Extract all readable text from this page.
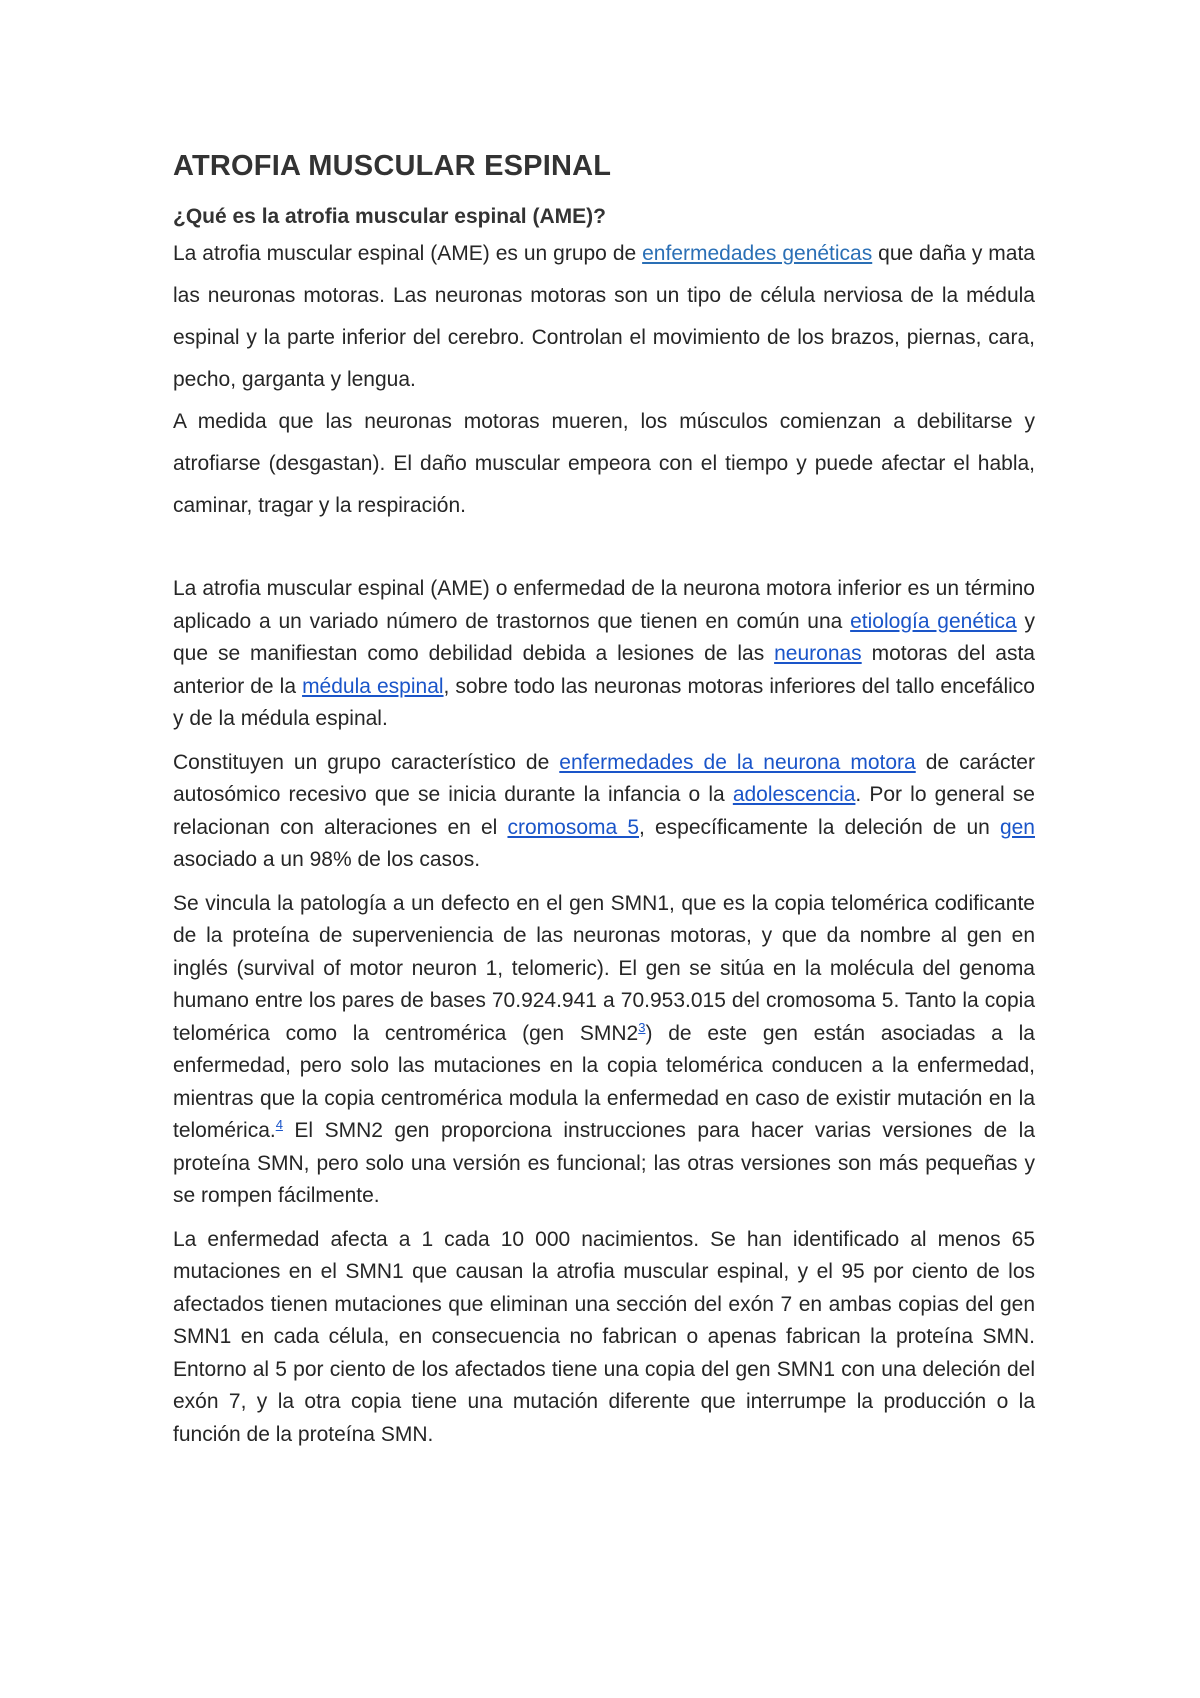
ATROFIA MUSCULAR ESPINAL
¿Qué es la atrofia muscular espinal (AME)?

La atrofia muscular espinal (AME) es un grupo de enfermedades genéticas que daña y mata las neuronas motoras. Las neuronas motoras son un tipo de célula nerviosa de la médula espinal y la parte inferior del cerebro. Controlan el movimiento de los brazos, piernas, cara, pecho, garganta y lengua.

A medida que las neuronas motoras mueren, los músculos comienzan a debilitarse y atrofiarse (desgastan). El daño muscular empeora con el tiempo y puede afectar el habla, caminar, tragar y la respiración.

La atrofia muscular espinal (AME) o enfermedad de la neurona motora inferior es un término aplicado a un variado número de trastornos que tienen en común una etiología genética y que se manifiestan como debilidad debida a lesiones de las neuronas motoras del asta anterior de la médula espinal, sobre todo las neuronas motoras inferiores del tallo encefálico y de la médula espinal.

Constituyen un grupo característico de enfermedades de la neurona motora de carácter autosómico recesivo que se inicia durante la infancia o la adolescencia. Por lo general se relacionan con alteraciones en el cromosoma 5, específicamente la deleción de un gen asociado a un 98% de los casos.

Se vincula la patología a un defecto en el gen SMN1, que es la copia telomérica codificante de la proteína de superveniencia de las neuronas motoras, y que da nombre al gen en inglés (survival of motor neuron 1, telomeric). El gen se sitúa en la molécula del genoma humano entre los pares de bases 70.924.941 a 70.953.015 del cromosoma 5. Tanto la copia telomérica como la centromérica (gen SMN2$^3$) de este gen están asociadas a la enfermedad, pero solo las mutaciones en la copia telomérica conducen a la enfermedad, mientras que la copia centromérica modula la enfermedad en caso de existir mutación en la telomérica.$^4$ El SMN2 gen proporciona instrucciones para hacer varias versiones de la proteína SMN, pero solo una versión es funcional; las otras versiones son más pequeñas y se rompen fácilmente.

La enfermedad afecta a 1 cada 10 000 nacimientos. Se han identificado al menos 65 mutaciones en el SMN1 que causan la atrofia muscular espinal, y el 95 por ciento de los afectados tienen mutaciones que eliminan una sección del exón 7 en ambas copias del gen SMN1 en cada célula, en consecuencia no fabrican o apenas fabrican la proteína SMN. Entorno al 5 por ciento de los afectados tiene una copia del gen SMN1 con una deleción del exón 7, y la otra copia tiene una mutación diferente que interrumpe la producción o la función de la proteína SMN.
